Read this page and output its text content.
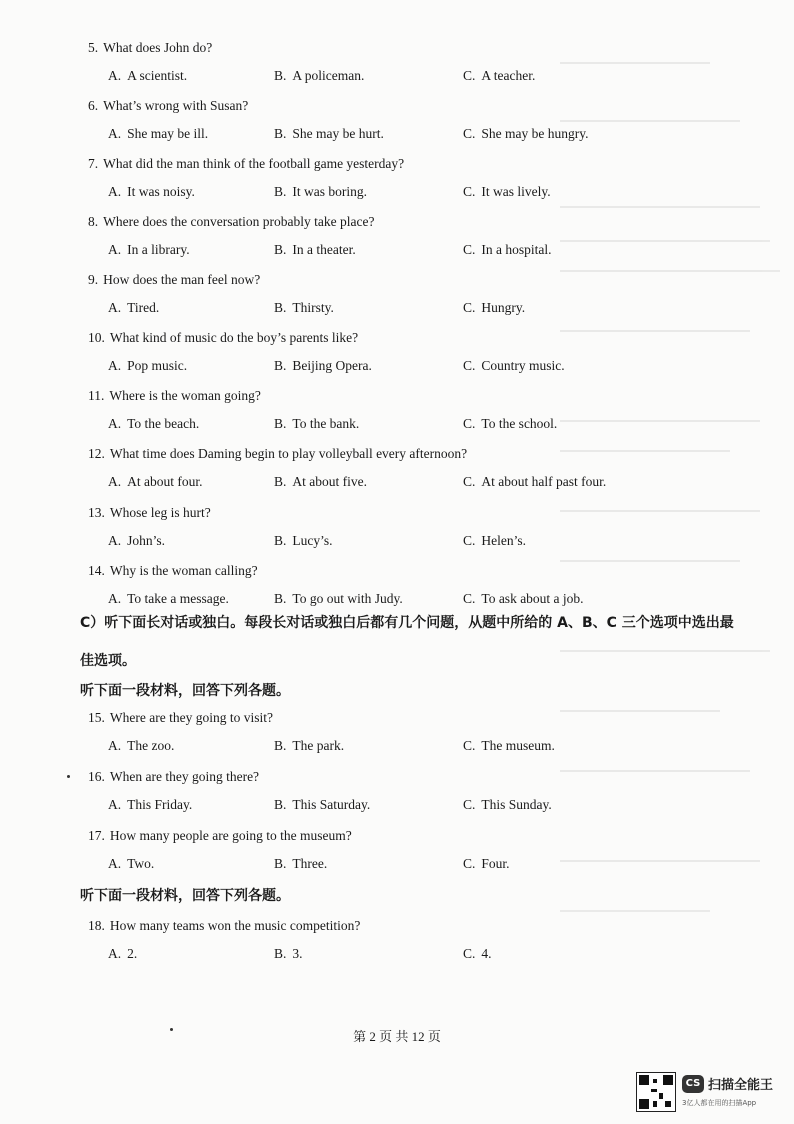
5. What does John do?
A. A scientist.	B. A policeman.	C. A teacher.
6. What’s wrong with Susan?
A. She may be ill.	B. She may be hurt.	C. She may be hungry.
7. What did the man think of the football game yesterday?
A. It was noisy.	B. It was boring.	C. It was lively.
8. Where does the conversation probably take place?
A. In a library.	B. In a theater.	C. In a hospital.
9. How does the man feel now?
A. Tired.	B. Thirsty.	C. Hungry.
10. What kind of music do the boy’s parents like?
A. Pop music.	B. Beijing Opera.	C. Country music.
11. Where is the woman going?
A. To the beach.	B. To the bank.	C. To the school.
12. What time does Daming begin to play volleyball every afternoon?
A. At about four.	B. At about five.	C. At about half past four.
13. Whose leg is hurt?
A. John’s.	B. Lucy’s.	C. Helen’s.
14. Why is the woman calling?
A. To take a message.	B. To go out with Judy.	C. To ask about a job.
15. Where are they going to visit?
A. The zoo.	B. The park.	C. The museum.
16. When are they going there?
A. This Friday.	B. This Saturday.	C. This Sunday.
17. How many people are going to the museum?
A. Two.	B. Three.	C. Four.
18. How many teams won the music competition?
A. 2.	B. 3.	C. 4.
C）听下面长对话或独白。每段长对话或独白后都有几个问题，从题中所给的 A、B、C 三个选项中选出最
佳选项。
听下面一段材料，回答下列各题。
听下面一段材料，回答下列各题。
第 2 页 共 12 页
CS 扫描全能王
3亿人都在用的扫描App
